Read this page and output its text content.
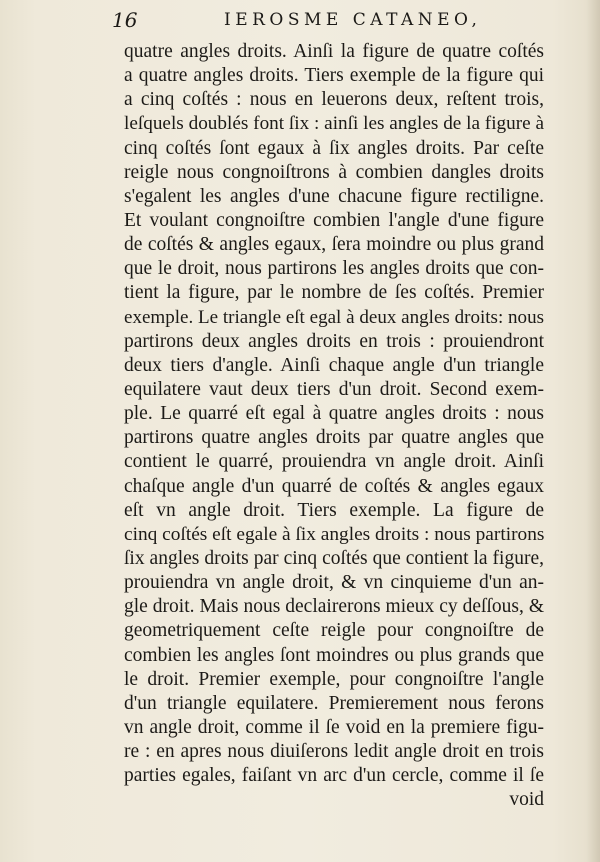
16	IEROSME CATANEO,
quatre angles droits. Ainſi la figure de quatre coſtés
a quatre angles droits. Tiers exemple de la figure qui
a cinq coſtés : nous en leuerons deux, reſtent trois,
leſquels doublés font ſix : ainſi les angles de la figure à
cinq coſtés ſont egaux à ſix angles droits. Par ceſte
reigle nous congnoiſtrons à combien dangles droits
s'egalent les angles d'une chacune figure rectiligne.
Et voulant congnoiſtre combien l'angle d'une figure
de coſtés & angles egaux, ſera moindre ou plus grand
que le droit, nous partirons les angles droits que con-
tient la figure, par le nombre de ſes coſtés. Premier
exemple. Le triangle eſt egal à deux angles droits: nous
partirons deux angles droits en trois : prouiendront
deux tiers d'angle. Ainſi chaque angle d'un triangle
equilatere vaut deux tiers d'un droit. Second exem-
ple. Le quarré eſt egal à quatre angles droits : nous
partirons quatre angles droits par quatre angles que
contient le quarré, prouiendra vn angle droit. Ainſi
chaſque angle d'un quarré de coſtés & angles egaux
eſt vn angle droit. Tiers exemple. La figure de
cinq coſtés eſt egale à ſix angles droits : nous partirons
ſix angles droits par cinq coſtés que contient la figure,
prouiendra vn angle droit, & vn cinquieme d'un an-
gle droit. Mais nous declairerons mieux cy deſſous, &
geometriquement ceſte reigle pour congnoiſtre de
combien les angles ſont moindres ou plus grands que
le droit. Premier exemple, pour congnoiſtre l'angle
d'un triangle equilatere. Premierement nous ferons
vn angle droit, comme il ſe void en la premiere figu-
re : en apres nous diuiſerons ledit angle droit en trois
parties egales, faiſant vn arc d'un cercle, comme il ſe
void
